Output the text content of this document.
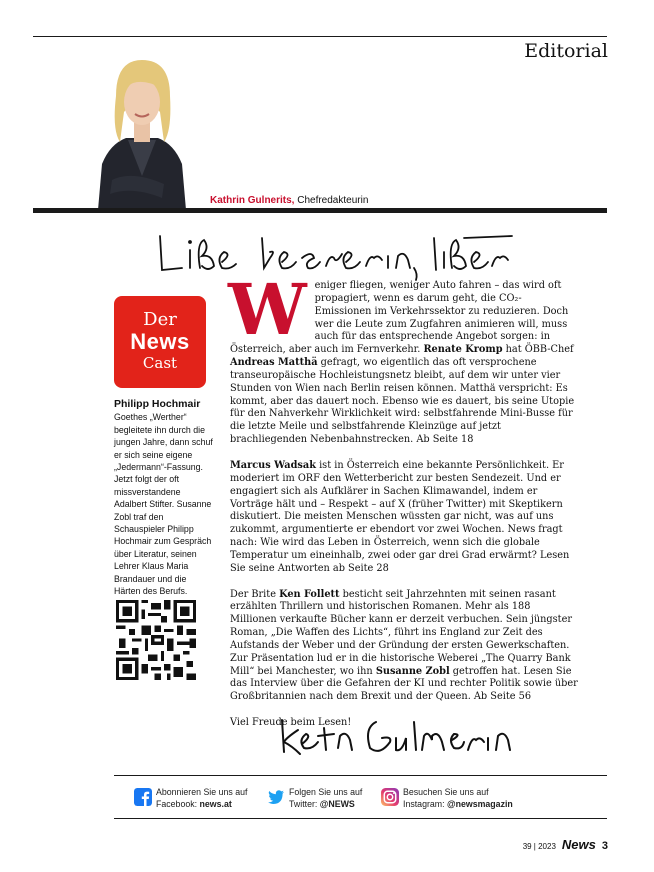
Editorial
Kathrin Gulnerits, Chefredakteurin
Der
News
Cast
Philipp Hochmair
Goethes „Werther“ begleitete ihn durch die jungen Jahre, dann schuf er sich seine eigene „Jedermann“-Fassung. Jetzt folgt der oft missverstandene Adalbert Stifter. Susanne Zobl traf den Schauspieler Philipp Hochmair zum Gespräch über Literatur, seinen Lehrer Klaus Maria Brandauer und die Härten des Berufs.

Weniger fliegen, weniger Auto fahren – das wird oft propagiert, wenn es darum geht, die CO₂-Emissionen im Verkehrssektor zu reduzieren. Doch wer die Leute zum Zugfahren animieren will, muss auch für das entsprechende Angebot sorgen: in Österreich, aber auch im Fernverkehr. Renate Kromp hat ÖBB-Chef Andreas Matthä gefragt, wo eigentlich das oft versprochene transeuropäische Hochleistungsnetz bleibt, auf dem wir unter vier Stunden von Wien nach Berlin reisen können. Matthä verspricht: Es kommt, aber das dauert noch. Ebenso wie es dauert, bis seine Utopie für den Nahverkehr Wirklichkeit wird: selbstfahrende Mini-Busse für die letzte Meile und selbstfahrende Kleinzüge auf jetzt brachliegenden Nebenbahnstrecken. Ab Seite 18

Marcus Wadsak ist in Österreich eine bekannte Persönlichkeit. Er moderiert im ORF den Wetterbericht zur besten Sendezeit. Und er engagiert sich als Aufklärer in Sachen Klimawandel, indem er Vorträge hält und – Respekt – auf X (früher Twitter) mit Skeptikern diskutiert. Die meisten Menschen wüssten gar nicht, was auf uns zukommt, argumentierte er ebendort vor zwei Wochen. News fragt nach: Wie wird das Leben in Österreich, wenn sich die globale Temperatur um eineinhalb, zwei oder gar drei Grad erwärmt? Lesen Sie seine Antworten ab Seite 28

Der Brite Ken Follett besticht seit Jahrzehnten mit seinen rasant erzählten Thrillern und historischen Romanen. Mehr als 188 Millionen verkaufte Bücher kann er derzeit verbuchen. Sein jüngster Roman, „Die Waffen des Lichts“, führt ins England zur Zeit des Aufstands der Weber und der Gründung der ersten Gewerkschaften. Zur Präsentation lud er in die historische Weberei „The Quarry Bank Mill“ bei Manchester, wo ihn Susanne Zobl getroffen hat. Lesen Sie das Interview über die Gefahren der KI und rechter Politik sowie über Großbritannien nach dem Brexit und der Queen. Ab Seite 56

Viel Freude beim Lesen!

Abonnieren Sie uns auf
Facebook: news.at
Folgen Sie uns auf
Twitter: @NEWS
Besuchen Sie uns auf
Instagram: @newsmagazin
39 | 2023 News 3
